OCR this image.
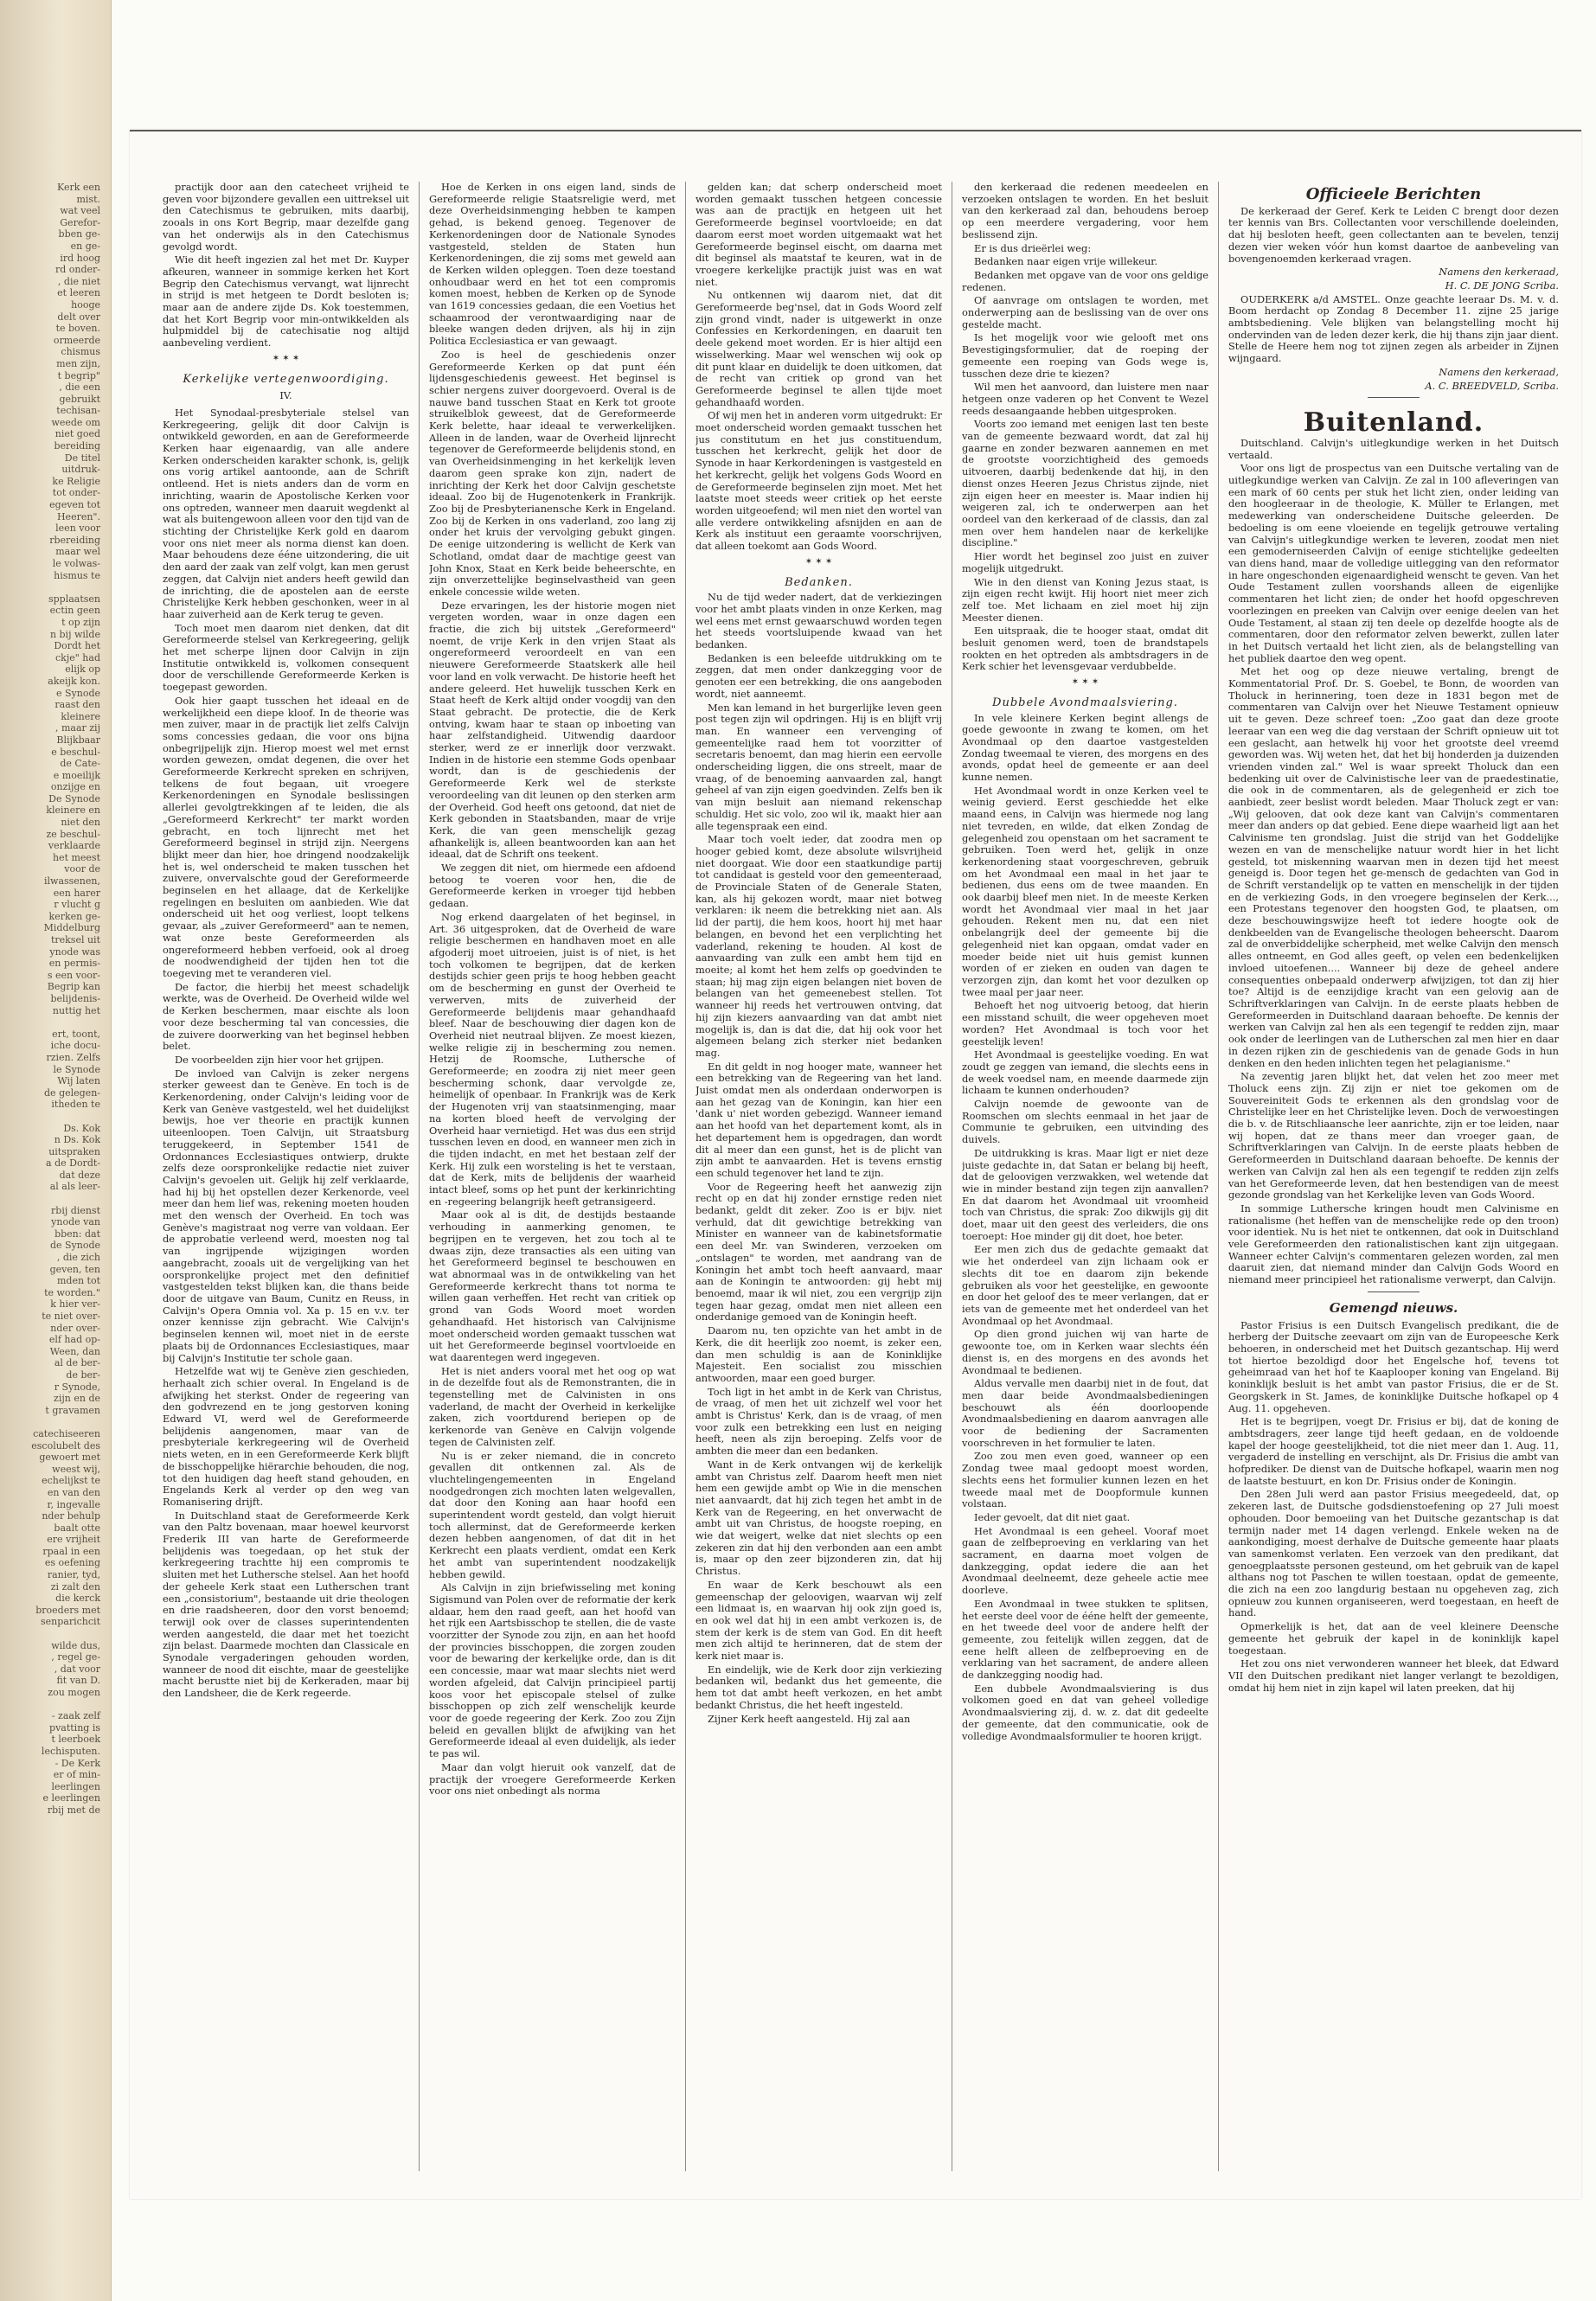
Kerk een
mist.
wat veel
Gerefor-
bben ge-
en ge-
ird hoog
rd onder-
, die niet
et leeren
hooge
delt over
te boven.
ormeerde
chismus
men zijn,
t begrip"
, die een
gebruikt
techisan-
weede om
niet goed
bereiding
De titel
uitdruk-
ke Religie
tot onder-
egeven tot
Heeren".
leen voor
rbereiding
maar wel
le volwas-
hismus te

spplaatsen
ectin geen
t op zijn
n bij wilde
Dordt het
ckje" had
elijk op
akeijk kon.
e Synode
raast den
kleinere
, maar zij
Blijkbaar
e beschul-
de Cate-
e moeilijk
onzijge en
De Synode
kleinere en
niet den
ze beschul-
verklaarde
het meest
voor de
ilwassenen,
een harer
r vlucht g
kerken ge-
Middelburg
treksel uit
ynode was
en permis-
s een voor-
Begrip kan
belijdenis-
nuttig het

ert, toont,
iche docu-
rzien. Zelfs
le Synode
Wij laten
de gelegen-
itheden te

Ds. Kok
n Ds. Kok
uitspraken
a de Dordt-
dat deze
al als leer-

rbij dienst
ynode van
bben: dat
de Synode
, die zich
geven, ten
mden tot
te worden."
k hier ver-
te niet over-
nder over-
elf had op-
Ween, dan
al de ber-
de ber-
r Synode,
zijn en de
t gravamen

catechiseeren
escolubelt des
gewoert met
weest wij,
echelijkst te
en van den
r, ingevalle
nder behulp
baalt otte
ere vrijheit
rpaal in een
es oefening
ranier, tyd,
zi zalt den
die kerck
broeders met
senparichcit

wilde dus,
, regel ge-
, dat voor
fit van D.
zou mogen

- zaak zelf
pvatting is
t leerboek
lechisputen.
- De Kerk
er of min-
leerlingen
e leerlingen
rbij met de

practijk door aan den catecheet vrijheid te geven voor bijzondere gevallen een uittreksel uit den Catechismus te gebruiken, mits daarbij, zooals in ons Kort Begrip, maar dezelfde gang van het onderwijs als in den Catechismus gevolgd wordt.

Wie dit heeft ingezien zal het met Dr. Kuyper afkeuren, wanneer in sommige kerken het Kort Begrip den Catechismus vervangt, wat lijnrecht in strijd is met hetgeen te Dordt besloten is; maar aan de andere zijde Ds. Kok toestemmen, dat het Kort Begrip voor min-ontwikkelden als hulpmiddel bij de catechisatie nog altijd aanbeveling verdient.

✶ ✶ ✶

Kerkelijke vertegenwoordiging.

IV.

Het Synodaal-presbyteriale stelsel van Kerkregeering, gelijk dit door Calvijn is ontwikkeld geworden, en aan de Gereformeerde Kerken haar eigenaardig, van alle andere Kerken onderscheiden karakter schonk, is, gelijk ons vorig artikel aantoonde, aan de Schrift ontleend. Het is niets anders dan de vorm en inrichting, waarin de Apostolische Kerken voor ons optreden, wanneer men daaruit wegdenkt al wat als buitengewoon alleen voor den tijd van de stichting der Christelijke Kerk gold en daarom voor ons niet meer als norma dienst kan doen. Maar behoudens deze ééne uitzondering, die uit den aard der zaak van zelf volgt, kan men gerust zeggen, dat Calvijn niet anders heeft gewild dan de inrichting, die de apostelen aan de eerste Christelijke Kerk hebben geschonken, weer in al haar zuiverheid aan de Kerk terug te geven.

Toch moet men daarom niet denken, dat dit Gereformeerde stelsel van Kerkregeering, gelijk het met scherpe lijnen door Calvijn in zijn Institutie ontwikkeld is, volkomen consequent door de verschillende Gereformeerde Kerken is toegepast geworden.

Ook hier gaapt tusschen het ideaal en de werkelijkheid een diepe kloof. In de theorie was men zuiver, maar in de practijk liet zelfs Calvijn soms concessies gedaan, die voor ons bijna onbegrijpelijk zijn. Hierop moest wel met ernst worden gewezen, omdat degenen, die over het Gereformeerde Kerkrecht spreken en schrijven, telkens de fout begaan, uit vroegere Kerkenordeningen en Synodale beslissingen allerlei gevolgtrekkingen af te leiden, die als „Gereformeerd Kerkrecht" ter markt worden gebracht, en toch lijnrecht met het Gereformeerd beginsel in strijd zijn. Neergens blijkt meer dan hier, hoe dringend noodzakelijk het is, wel onderscheid te maken tusschen het zuivere, onvervalschte goud der Gereformeerde beginselen en het allaage, dat de Kerkelijke regelingen en besluiten om aanbieden. Wie dat onderscheid uit het oog verliest, loopt telkens gevaar, als „zuiver Gereformeerd" aan te nemen, wat onze beste Gereformeerden als ongereformeerd hebben verfoeid, ook al droeg de noodwendigheid der tijden hen tot die toegeving met te veranderen viel.

De factor, die hierbij het meest schadelijk werkte, was de Overheid. De Overheid wilde wel de Kerken beschermen, maar eischte als loon voor deze bescherming tal van concessies, die de zuivere doorwerking van het beginsel hebben belet.

De voorbeelden zijn hier voor het grijpen.

De invloed van Calvijn is zeker nergens sterker geweest dan te Genève. En toch is de Kerkenordening, onder Calvijn's leiding voor de Kerk van Genève vastgesteld, wel het duidelijkst bewijs, hoe ver theorie en practijk kunnen uiteenloopen. Toen Calvijn, uit Straatsburg teruggekeerd, in September 1541 de Ordonnances Ecclesiastiques ontwierp, drukte zelfs deze oorspronkelijke redactie niet zuiver Calvijn's gevoelen uit. Gelijk hij zelf verklaarde, had hij bij het opstellen dezer Kerkenorde, veel meer dan hem lief was, rekening moeten houden met den wensch der Overheid. En toch was Genève's magistraat nog verre van voldaan. Eer de approbatie verleend werd, moesten nog tal van ingrijpende wijzigingen worden aangebracht, zooals uit de vergelijking van het oorspronkelijke project met den definitief vastgestelden tekst blijken kan, die thans beide door de uitgave van Baum, Cunitz en Reuss, in Calvijn's Opera Omnia vol. Xa p. 15 en v.v. ter onzer kennisse zijn gebracht. Wie Calvijn's beginselen kennen wil, moet niet in de eerste plaats bij de Ordonnances Ecclesiastiques, maar bij Calvijn's Institutie ter schole gaan.

Hetzelfde wat wij te Genève zien geschieden, herhaalt zich schier overal. In Engeland is de afwijking het sterkst. Onder de regeering van den godvrezend en te jong gestorven koning Edward VI, werd wel de Gereformeerde belijdenis aangenomen, maar van de presbyteriale kerkregeering wil de Overheid niets weten, en in een Gereformeerde Kerk blijft de bisschoppelijke hiërarchie behouden, die nog, tot den huidigen dag heeft stand gehouden, en Engelands Kerk al verder op den weg van Romanisering drijft.

In Duitschland staat de Gereformeerde Kerk van den Paltz bovenaan, maar hoewel keurvorst Frederik III van harte de Gereformeerde belijdenis was toegedaan, op het stuk der kerkregeering trachtte hij een compromis te sluiten met het Luthersche stelsel. Aan het hoofd der geheele Kerk staat een Lutherschen trant een „consistorium", bestaande uit drie theologen en drie raadsheeren, door den vorst benoemd; terwijl ook over de classes superintendenten werden aangesteld, die daar met het toezicht zijn belast. Daarmede mochten dan Classicale en Synodale vergaderingen gehouden worden, wanneer de nood dit eischte, maar de geestelijke macht berustte niet bij de Kerkeraden, maar bij den Landsheer, die de Kerk regeerde.

Hoe de Kerken in ons eigen land, sinds de Gereformeerde religie Staatsreligie werd, met deze Overheidsinmenging hebben te kampen gehad, is bekend genoeg. Tegenover de Kerkenordeningen door de Nationale Synodes vastgesteld, stelden de Staten hun Kerkenordeningen, die zij soms met geweld aan de Kerken wilden opleggen. Toen deze toestand onhoudbaar werd en het tot een compromis komen moest, hebben de Kerken op de Synode van 1619 concessies gedaan, die een Voetius het schaamrood der verontwaardiging naar de bleeke wangen deden drijven, als hij in zijn Politica Ecclesiastica er van gewaagt.

Zoo is heel de geschiedenis onzer Gereformeerde Kerken op dat punt één lijdensgeschiedenis geweest. Het beginsel is schier nergens zuiver doorgevoerd. Overal is de nauwe band tusschen Staat en Kerk tot groote struikelblok geweest, dat de Gereformeerde Kerk belette, haar ideaal te verwerkelijken. Alleen in de landen, waar de Overheid lijnrecht tegenover de Gereformeerde belijdenis stond, en van Overheidsinmenging in het kerkelijk leven daarom geen sprake kon zijn, nadert de inrichting der Kerk het door Calvijn geschetste ideaal. Zoo bij de Hugenotenkerk in Frankrijk. Zoo bij de Presbyterianensche Kerk in Engeland. Zoo bij de Kerken in ons vaderland, zoo lang zij onder het kruis der vervolging gebukt gingen. De eenige uitzondering is wellicht de Kerk van Schotland, omdat daar de machtige geest van John Knox, Staat en Kerk beide beheerschte, en zijn onverzettelijke beginselvastheid van geen enkele concessie wilde weten.

Deze ervaringen, les der historie mogen niet vergeten worden, waar in onze dagen een fractie, die zich bij uitstek „Gereformeerd" noemt, de vrije Kerk in den vrijen Staat als ongereformeerd veroordeelt en van een nieuwere Gereformeerde Staatskerk alle heil voor land en volk verwacht. De historie heeft het andere geleerd. Het huwelijk tusschen Kerk en Staat heeft de Kerk altijd onder voogdij van den Staat gebracht. De protectie, die de Kerk ontving, kwam haar te staan op inboeting van haar zelfstandigheid. Uitwendig daardoor sterker, werd ze er innerlijk door verzwakt. Indien in de historie een stemme Gods openbaar wordt, dan is de geschiedenis der Gereformeerde Kerk wel de sterkste veroordeeling van dit leunen op den sterken arm der Overheid. God heeft ons getoond, dat niet de Kerk gebonden in Staatsbanden, maar de vrije Kerk, die van geen menschelijk gezag afhankelijk is, alleen beantwoorden kan aan het ideaal, dat de Schrift ons teekent.

We zeggen dit niet, om hiermede een afdoend betoog te voeren voor hen, die de Gereformeerde kerken in vroeger tijd hebben gedaan.

Nog erkend daargelaten of het beginsel, in Art. 36 uitgesproken, dat de Overheid de ware religie beschermen en handhaven moet en alle afgoderij moet uitroeien, juist is of niet, is het toch volkomen te begrijpen, dat de kerken destijds schier geen prijs te hoog hebben geacht om de bescherming en gunst der Overheid te verwerven, mits de zuiverheid der Gereformeerde belijdenis maar gehandhaafd bleef. Naar de beschouwing dier dagen kon de Overheid niet neutraal blijven. Ze moest kiezen, welke religie zij in bescherming zou nemen. Hetzij de Roomsche, Luthersche of Gereformeerde; en zoodra zij niet meer geen bescherming schonk, daar vervolgde ze, heimelijk of openbaar. In Frankrijk was de Kerk der Hugenoten vrij van staatsinmenging, maar na korten bloed heeft de vervolging der Overheid haar vernietigd. Het was dus een strijd tusschen leven en dood, en wanneer men zich in die tijden indacht, en met het bestaan zelf der Kerk. Hij zulk een worsteling is het te verstaan, dat de Kerk, mits de belijdenis der waarheid intact bleef, soms op het punt der kerkinrichting en -regeering belangrijk heeft getransigeerd.

Maar ook al is dit, de destijds bestaande verhouding in aanmerking genomen, te begrijpen en te vergeven, het zou toch al te dwaas zijn, deze transacties als een uiting van het Gereformeerd beginsel te beschouwen en wat abnormaal was in de ontwikkeling van het Gereformeerde kerkrecht thans tot norma te willen gaan verheffen. Het recht van critiek op grond van Gods Woord moet worden gehandhaafd. Het historisch van Calvijnisme moet onderscheid worden gemaakt tusschen wat uit het Gereformeerde beginsel voortvloeide en wat daarentegen werd ingegeven.

Het is niet anders vooral met het oog op wat in de dezelfde fout als de Remonstranten, die in tegenstelling met de Calvinisten in ons vaderland, de macht der Overheid in kerkelijke zaken, zich voortdurend beriepen op de kerkenorde van Genève en Calvijn volgende tegen de Calvinisten zelf.

Nu is er zeker niemand, die in concreto gevallen dit ontkennen zal. Als de vluchtelingengemeenten in Engeland noodgedrongen zich mochten laten welgevallen, dat door den Koning aan haar hoofd een superintendent wordt gesteld, dan volgt hieruit toch allerminst, dat de Gereformeerde kerken dezen hebben aangenomen, of dat dit in het Kerkrecht een plaats verdient, omdat een Kerk het ambt van superintendent noodzakelijk hebben gewild.

Als Calvijn in zijn briefwisseling met koning Sigismund van Polen over de reformatie der kerk aldaar, hem den raad geeft, aan het hoofd van het rijk een Aartsbisschop te stellen, die de vaste voorzitter der Synode zou zijn, en aan het hoofd der provincies bisschoppen, die zorgen zouden voor de bewaring der kerkelijke orde, dan is dit een concessie, maar wat maar slechts niet werd worden afgeleid, dat Calvijn principieel partij koos voor het episcopale stelsel of zulke bisschoppen op zich zelf wenschelijk keurde voor de goede regeering der Kerk. Zoo zou Zijn beleid en gevallen blijkt de afwijking van het Gereformeerde ideaal al even duidelijk, als ieder te pas wil.

Maar dan volgt hieruit ook vanzelf, dat de practijk der vroegere Gereformeerde Kerken voor ons niet onbedingt als norma

gelden kan; dat scherp onderscheid moet worden gemaakt tusschen hetgeen concessie was aan de practijk en hetgeen uit het Gereformeerde beginsel voortvloeide; en dat daarom eerst moet worden uitgemaakt wat het Gereformeerde beginsel eischt, om daarna met dit beginsel als maatstaf te keuren, wat in de vroegere kerkelijke practijk juist was en wat niet.

Nu ontkennen wij daarom niet, dat dit Gereformeerde beg'nsel, dat in Gods Woord zelf zijn grond vindt, nader is uitgewerkt in onze Confessies en Kerkordeningen, en daaruit ten deele gekend moet worden. Er is hier altijd een wisselwerking. Maar wel wenschen wij ook op dit punt klaar en duidelijk te doen uitkomen, dat de recht van critiek op grond van het Gereformeerde beginsel te allen tijde moet gehandhaafd worden.

Of wij men het in anderen vorm uitgedrukt: Er moet onderscheid worden gemaakt tusschen het jus constitutum en het jus constituendum, tusschen het kerkrecht, gelijk het door de Synode in haar Kerkordeningen is vastgesteld en het kerkrecht, gelijk het volgens Gods Woord en de Gereformeerde beginselen zijn moet. Met het laatste moet steeds weer critiek op het eerste worden uitgeoefend; wil men niet den wortel van alle verdere ontwikkeling afsnijden en aan de Kerk als instituut een geraamte voorschrijven, dat alleen toekomt aan Gods Woord.

✶ ✶ ✶

Bedanken.

Nu de tijd weder nadert, dat de verkiezingen voor het ambt plaats vinden in onze Kerken, mag wel eens met ernst gewaarschuwd worden tegen het steeds voortsluipende kwaad van het bedanken.

Bedanken is een beleefde uitdrukking om te zeggen, dat men onder dankzegging voor de genoten eer een betrekking, die ons aangeboden wordt, niet aanneemt.

Men kan lemand in het burgerlijke leven geen post tegen zijn wil opdringen. Hij is en blijft vrij man. En wanneer een vervenging of gemeentelijke raad hem tot voorzitter of secretaris benoemt, dan mag hierin een eervolle onderscheiding liggen, die ons streelt, maar de vraag, of de benoeming aanvaarden zal, hangt geheel af van zijn eigen goedvinden. Zelfs ben ik van mijn besluit aan niemand rekenschap schuldig. Het sic volo, zoo wil ik, maakt hier aan alle tegenspraak een eind.

Maar toch voelt ieder, dat zoodra men op hooger gebied komt, deze absolute wilsvrijheid niet doorgaat. Wie door een staatkundige partij tot candidaat is gesteld voor den gemeenteraad, de Provinciale Staten of de Generale Staten, kan, als hij gekozen wordt, maar niet botweg verklaren: ik neem die betrekking niet aan. Als lid der partij, die hem koos, hoort hij met haar belangen, en bevond het een verplichting het vaderland, rekening te houden. Al kost de aanvaarding van zulk een ambt hem tijd en moeite; al komt het hem zelfs op goedvinden te staan; hij mag zijn eigen belangen niet boven de belangen van het gemeenebest stellen. Tot wanneer hij reeds het vertrouwen ontving, dat hij zijn kiezers aanvaarding van dat ambt niet mogelijk is, dan is dat die, dat hij ook voor het algemeen belang zich sterker niet bedanken mag.

En dit geldt in nog hooger mate, wanneer het een betrekking van de Regeering van het land. Juist omdat men als onderdaan onderworpen is aan het gezag van de Koningin, kan hier een 'dank u' niet worden gebezigd. Wanneer iemand aan het hoofd van het departement komt, als in het departement hem is opgedragen, dan wordt dit al meer dan een gunst, het is de plicht van zijn ambt te aanvaarden. Het is tevens ernstig een schuld tegenover het land te zijn.

Voor de Regeering heeft het aanwezig zijn recht op en dat hij zonder ernstige reden niet bedankt, geldt dit zeker. Zoo is er bijv. niet verhuld, dat dit gewichtige betrekking van Minister en wanneer van de kabinetsformatie een deel Mr. van Swinderen, verzoeken om „ontslagen" te worden, met aandrang van de Koningin het ambt toch heeft aanvaard, maar aan de Koningin te antwoorden: gij hebt mij benoemd, maar ik wil niet, zou een vergrijp zijn tegen haar gezag, omdat men niet alleen een onderdanige gemoed van de Koningin heeft.

Daarom nu, ten opzichte van het ambt in de Kerk, die dit heerlijk zoo noemt, is zeker een, dan men schuldig is aan de Koninklijke Majesteit. Een socialist zou misschien antwoorden, maar een goed burger.

Toch ligt in het ambt in de Kerk van Christus, de vraag, of men het uit zichzelf wel voor het ambt is Christus' Kerk, dan is de vraag, of men voor zulk een betrekking een lust en neiging heeft, neen als zijn beroeping. Zelfs voor de ambten die meer dan een bedanken.

Want in de Kerk ontvangen wij de kerkelijk ambt van Christus zelf. Daarom heeft men niet hem een gewijde ambt op Wie in die menschen niet aanvaardt, dat hij zich tegen het ambt in de Kerk van de Regeering, en het onverwacht de ambt uit van Christus, de hoogste roeping, en wie dat weigert, welke dat niet slechts op een zekeren zin dat hij den verbonden aan een ambt is, maar op den zeer bijzonderen zin, dat hij Christus.

En waar de Kerk beschouwt als een gemeenschap der geloovigen, waarvan wij zelf een lidmaat is, en waarvan hij ook zijn goed is, en ook wel dat hij in een ambt verkozen is, de stem der kerk is de stem van God. En dit heeft men zich altijd te herinneren, dat de stem der kerk niet maar is.

En eindelijk, wie de Kerk door zijn verkiezing bedanken wil, bedankt dus het gemeente, die hem tot dat ambt heeft verkozen, en het ambt bedankt Christus, die het heeft ingesteld.

Zijner Kerk heeft aangesteld. Hij zal aan

den kerkeraad die redenen meedeelen en verzoeken ontslagen te worden. En het besluit van den kerkeraad zal dan, behoudens beroep op een meerdere vergadering, voor hem beslissend zijn.

Er is dus drieërlei weg:

Bedanken naar eigen vrije willekeur.

Bedanken met opgave van de voor ons geldige redenen.

Of aanvrage om ontslagen te worden, met onderwerping aan de beslissing van de over ons gestelde macht.

Is het mogelijk voor wie gelooft met ons Bevestigingsformulier, dat de roeping der gemeente een roeping van Gods wege is, tusschen deze drie te kiezen?

Wil men het aanvoord, dan luistere men naar hetgeen onze vaderen op het Convent te Wezel reeds desaangaande hebben uitgesproken.

Voorts zoo iemand met eenigen last ten beste van de gemeente bezwaard wordt, dat zal hij gaarne en zonder bezwaren aannemen en met de grootste voorzichtigheid des gemoeds uitvoeren, daarbij bedenkende dat hij, in den dienst onzes Heeren Jezus Christus zijnde, niet zijn eigen heer en meester is. Maar indien hij weigeren zal, ich te onderwerpen aan het oordeel van den kerkeraad of de classis, dan zal men over hem handelen naar de kerkelijke discipline."

Hier wordt het beginsel zoo juist en zuiver mogelijk uitgedrukt.

Wie in den dienst van Koning Jezus staat, is zijn eigen recht kwijt. Hij hoort niet meer zich zelf toe. Met lichaam en ziel moet hij zijn Meester dienen.

Een uitspraak, die te hooger staat, omdat dit besluit genomen werd, toen de brandstapels rookten en het optreden als ambtsdragers in de Kerk schier het levensgevaar verdubbelde.

✶ ✶ ✶

Dubbele Avondmaalsviering.

In vele kleinere Kerken begint allengs de goede gewoonte in zwang te komen, om het Avondmaal op den daartoe vastgestelden Zondag tweemaal te vieren, des morgens en des avonds, opdat heel de gemeente er aan deel kunne nemen.

Het Avondmaal wordt in onze Kerken veel te weinig gevierd. Eerst geschiedde het elke maand eens, in Calvijn was hiermede nog lang niet tevreden, en wilde, dat elken Zondag de gelegenheid zou openstaan om het sacrament te gebruiken. Toen werd het, gelijk in onze kerkenordening staat voorgeschreven, gebruik om het Avondmaal een maal in het jaar te bedienen, dus eens om de twee maanden. En ook daarbij bleef men niet. In de meeste Kerken wordt het Avondmaal vier maal in het jaar gehouden. Rekent men nu, dat een niet onbelangrijk deel der gemeente bij die gelegenheid niet kan opgaan, omdat vader en moeder beide niet uit huis gemist kunnen worden of er zieken en ouden van dagen te verzorgen zijn, dan komt het voor dezulken op twee maal per jaar neer.

Behoeft het nog uitvoerig betoog, dat hierin een misstand schuilt, die weer opgeheven moet worden? Het Avondmaal is toch voor het geestelijk leven!

Het Avondmaal is geestelijke voeding. En wat zoudt ge zeggen van iemand, die slechts eens in de week voedsel nam, en meende daarmede zijn lichaam te kunnen onderhouden?

Calvijn noemde de gewoonte van de Roomschen om slechts eenmaal in het jaar de Communie te gebruiken, een uitvinding des duivels.

De uitdrukking is kras. Maar ligt er niet deze juiste gedachte in, dat Satan er belang bij heeft, dat de geloovigen verzwakken, wel wetende dat wie in minder bestand zijn tegen zijn aanvallen? En dat daarom het Avondmaal uit vroomheid toch van Christus, die sprak: Zoo dikwijls gij dit doet, maar uit den geest des verleiders, die ons toeroept: Hoe minder gij dit doet, hoe beter.

Eer men zich dus de gedachte gemaakt dat wie het onderdeel van zijn lichaam ook er slechts dit toe en daarom zijn bekende gebruiken als voor het geestelijke, en gewoonte en door het geloof des te meer verlangen, dat er iets van de gemeente met het onderdeel van het Avondmaal op het Avondmaal.

Op dien grond juichen wij van harte de gewoonte toe, om in Kerken waar slechts één dienst is, en des morgens en des avonds het Avondmaal te bedienen.

Aldus vervalle men daarbij niet in de fout, dat men daar beide Avondmaalsbedieningen beschouwt als één doorloopende Avondmaalsbediening en daarom aanvragen alle voor de bediening der Sacramenten voorschreven in het formulier te laten.

Zoo zou men even goed, wanneer op een Zondag twee maal gedoopt moest worden, slechts eens het formulier kunnen lezen en het tweede maal met de Doopformule kunnen volstaan.

Ieder gevoelt, dat dit niet gaat.

Het Avondmaal is een geheel. Vooraf moet gaan de zelfbeproeving en verklaring van het sacrament, en daarna moet volgen de dankzegging, opdat iedere die aan het Avondmaal deelneemt, deze geheele actie mee doorleve.

Een Avondmaal in twee stukken te splitsen, het eerste deel voor de ééne helft der gemeente, en het tweede deel voor de andere helft der gemeente, zou feitelijk willen zeggen, dat de eene helft alleen de zelfbeproeving en de verklaring van het sacrament, de andere alleen de dankzegging noodig had.

Een dubbele Avondmaalsviering is dus volkomen goed en dat van geheel volledige Avondmaalsviering zij, d. w. z. dat dit gedeelte der gemeente, dat den communicatie, ook de volledige Avondmaalsformulier te hooren krijgt.

Officieele Berichten

De kerkeraad der Geref. Kerk te Leiden C brengt door dezen ter kennis van Brs. Collectanten voor verschillende doeleinden, dat hij besloten heeft, geen collectanten aan te bevelen, tenzij dezen vier weken vóór hun komst daartoe de aanbeveling van bovengenoemden kerkeraad vragen.

Namens den kerkeraad,

H. C. DE JONG Scriba.

OUDERKERK a/d AMSTEL. Onze geachte leeraar Ds. M. v. d. Boom herdacht op Zondag 8 December 11. zijne 25 jarige ambtsbediening. Vele blijken van belangstelling mocht hij ondervinden van de leden dezer kerk, die hij thans zijn jaar dient. Stelle de Heere hem nog tot zijnen zegen als arbeider in Zijnen wijngaard.

Namens den kerkeraad,

A. C. BREEDVELD, Scriba.

Buitenland.

Duitschland. Calvijn's uitlegkundige werken in het Duitsch vertaald.

Voor ons ligt de prospectus van een Duitsche vertaling van de uitlegkundige werken van Calvijn. Ze zal in 100 afleveringen van een mark of 60 cents per stuk het licht zien, onder leiding van den hoogleeraar in de theologie, K. Müller te Erlangen, met medewerking van onderscheidene Duitsche geleerden. De bedoeling is om eene vloeiende en tegelijk getrouwe vertaling van Calvijn's uitlegkundige werken te leveren, zoodat men niet een gemoderniseerden Calvijn of eenige stichtelijke gedeelten van diens hand, maar de volledige uitlegging van den reformator in hare ongeschonden eigenaardigheid wenscht te geven. Van het Oude Testament zullen voorshands alleen de eigenlijke commentaren het licht zien; de onder het hoofd opgeschreven voorlezingen en preeken van Calvijn over eenige deelen van het Oude Testament, al staan zij ten deele op dezelfde hoogte als de commentaren, door den reformator zelven bewerkt, zullen later in het Duitsch vertaald het licht zien, als de belangstelling van het publiek daartoe den weg opent.

Met het oog op deze nieuwe vertaling, brengt de Kommentatorial Prof. Dr. S. Goebel, te Bonn, de woorden van Tholuck in herinnering, toen deze in 1831 begon met de commentaren van Calvijn over het Nieuwe Testament opnieuw uit te geven. Deze schreef toen: „Zoo gaat dan deze groote leeraar van een weg die dag verstaan der Schrift opnieuw uit tot een geslacht, aan hetwelk hij voor het grootste deel vreemd geworden was. Wij weten het, dat het bij honderden ja duizenden vrienden vinden zal." Wel is waar spreekt Tholuck dan een bedenking uit over de Calvinistische leer van de praedestinatie, die ook in de commentaren, als de gelegenheid er zich toe aanbiedt, zeer beslist wordt beleden. Maar Tholuck zegt er van: „Wij gelooven, dat ook deze kant van Calvijn's commentaren meer dan anders op dat gebied. Eene diepe waarheid ligt aan het Calvinisme ten grondslag. Juist die strijd van het Goddelijke wezen en van de menschelijke natuur wordt hier in het licht gesteld, tot miskenning waarvan men in dezen tijd het meest geneigd is. Door tegen het ge-mensch de gedachten van God in de Schrift verstandelijk op te vatten en menschelijk in der tijden en de verkiezing Gods, in den vroegere beginselen der Kerk..., een Protestans tegenover den hoogsten God, te plaatsen, om deze beschouwingswijze heeft tot iedere hoogte ook de denkbeelden van de Evangelische theologen beheerscht. Daarom zal de onverbiddelijke scherpheid, met welke Calvijn den mensch alles ontneemt, en God alles geeft, op velen een bedenkelijken invloed uitoefenen.... Wanneer bij deze de geheel andere consequenties onbepaald onderwerp afwijzigen, tot dan zij hier toe? Altijd is de eenzijdige kracht van een gelovig aan de Schriftverklaringen van Calvijn. In de eerste plaats hebben de Gereformeerden in Duitschland daaraan behoefte. De kennis der werken van Calvijn zal hen als een tegengif te redden zijn, maar ook onder de leerlingen van de Lutherschen zal men hier en daar in dezen rijken zin de geschiedenis van de genade Gods in hun denken en den heden inlichten tegen het pelagianisme."

Na zeventig jaren blijkt het, dat velen het zoo meer met Tholuck eens zijn. Zij zijn er niet toe gekomen om de Souvereiniteit Gods te erkennen als den grondslag voor de Christelijke leer en het Christelijke leven. Doch de verwoestingen die b. v. de Ritschliaansche leer aanrichte, zijn er toe leiden, naar wij hopen, dat ze thans meer dan vroeger gaan, de Schriftverklaringen van Calvijn. In de eerste plaats hebben de Gereformeerden in Duitschland daaraan behoefte. De kennis der werken van Calvijn zal hen als een tegengif te redden zijn zelfs van het Gereformeerde leven, dat hen bestendigen van de meest gezonde grondslag van het Kerkelijke leven van Gods Woord.

In sommige Luthersche kringen houdt men Calvinisme en rationalisme (het heffen van de menschelijke rede op den troon) voor identiek. Nu is het niet te ontkennen, dat ook in Duitschland vele Gereformeerden den rationalistischen kant zijn uitgegaan. Wanneer echter Calvijn's commentaren gelezen worden, zal men daaruit zien, dat niemand minder dan Calvijn Gods Woord en niemand meer principieel het rationalisme verwerpt, dan Calvijn.

Gemengd nieuws.

Pastor Frisius is een Duitsch Evangelisch predikant, die de herberg der Duitsche zeevaart om zijn van de Europeesche Kerk behoeren, in onderscheid met het Duitsch gezantschap. Hij werd tot hiertoe bezoldigd door het Engelsche hof, tevens tot geheimraad van het hof te Kaaplooper koning van Engeland. Bij koninklijk besluit is het ambt van pastor Frisius, die er de St. Georgskerk in St. James, de koninklijke Duitsche hofkapel op 4 Aug. 11. opgeheven.

Het is te begrijpen, voegt Dr. Frisius er bij, dat de koning de ambtsdragers, zeer lange tijd heeft gedaan, en de voldoende kapel der hooge geestelijkheid, tot die niet meer dan 1. Aug. 11, vergaderd de instelling en verschijnt, als Dr. Frisius die ambt van hofprediker. De dienst van de Duitsche hofkapel, waarin men nog de laatste bestuurt, en kon Dr. Frisius onder de Koningin.

Den 28en Juli werd aan pastor Frisius meegedeeld, dat, op zekeren last, de Duitsche godsdienstoefening op 27 Juli moest ophouden. Door bemoeiing van het Duitsche gezantschap is dat termijn nader met 14 dagen verlengd. Enkele weken na de aankondiging, moest derhalve de Duitsche gemeente haar plaats van samenkomst verlaten. Een verzoek van den predikant, dat genoegplaatsste personen gesteund, om het gebruik van de kapel althans nog tot Paschen te willen toestaan, opdat de gemeente, die zich na een zoo langdurig bestaan nu opgeheven zag, zich opnieuw zou kunnen organiseeren, werd toegestaan, en heeft de hand.

Opmerkelijk is het, dat aan de veel kleinere Deensche gemeente het gebruik der kapel in de koninklijk kapel toegestaan.

Het zou ons niet verwonderen wanneer het bleek, dat Edward VII den Duitschen predikant niet langer verlangt te bezoldigen, omdat hij hem niet in zijn kapel wil laten preeken, dat hij
